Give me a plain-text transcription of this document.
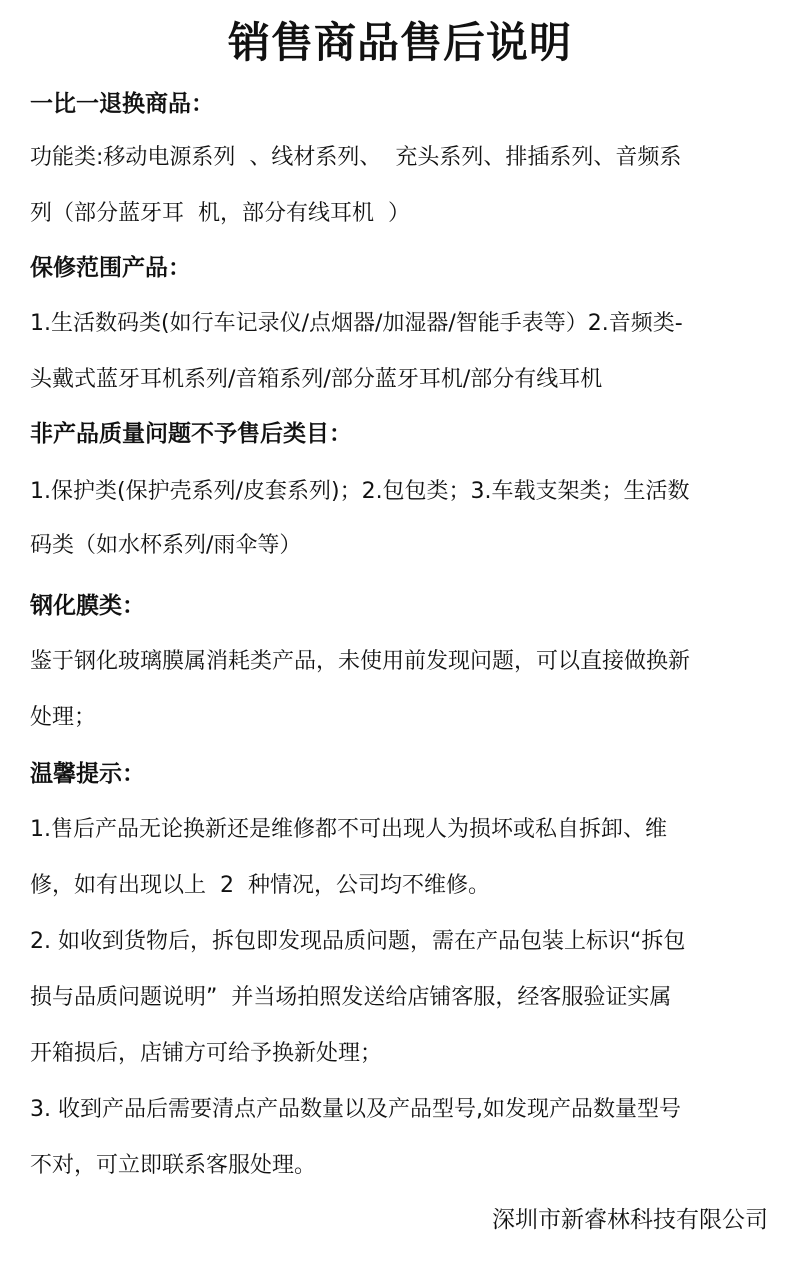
销售商品售后说明
一比一退换商品：
功能类:移动电源系列  、线材系列、  充头系列、排插系列、音频系
列（部分蓝牙耳  机，部分有线耳机  ）
保修范围产品：
1.生活数码类(如行车记录仪/点烟器/加湿器/智能手表等）2.音频类-
头戴式蓝牙耳机系列/音箱系列/部分蓝牙耳机/部分有线耳机
非产品质量问题不予售后类目：
1.保护类(保护壳系列/皮套系列)；2.包包类；3.车载支架类；生活数
码类（如水杯系列/雨伞等）
钢化膜类：
鉴于钢化玻璃膜属消耗类产品，未使用前发现问题，可以直接做换新
处理；
温馨提示：
1.售后产品无论换新还是维修都不可出现人为损坏或私自拆卸、维
修，如有出现以上  2  种情况，公司均不维修。
2. 如收到货物后，拆包即发现品质问题，需在产品包装上标识“拆包
损与品质问题说明”  并当场拍照发送给店铺客服，经客服验证实属
开箱损后，店铺方可给予换新处理；
3. 收到产品后需要清点产品数量以及产品型号,如发现产品数量型号
不对，可立即联系客服处理。
深圳市新睿林科技有限公司
